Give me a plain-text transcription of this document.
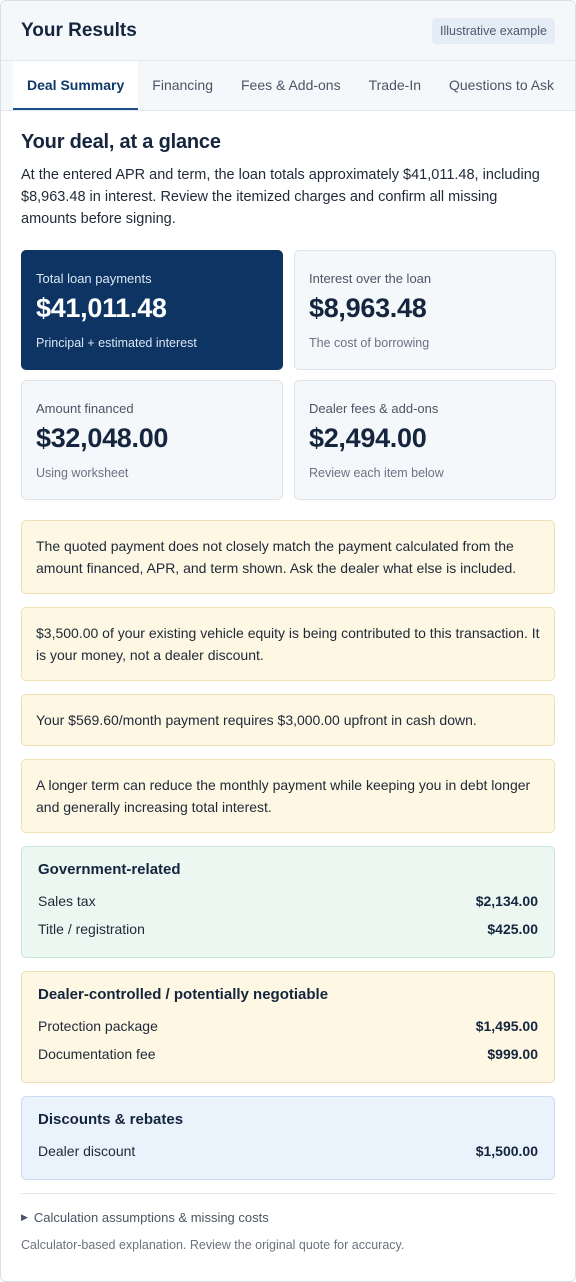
Your Results	Illustrative example
Deal Summary	Financing	Fees & Add-ons	Trade-In	Questions to Ask
Your deal, at a glance

At the entered APR and term, the loan totals approximately $41,011.48, including $8,963.48 in interest. Review the itemized charges and confirm all missing amounts before signing.

Total loan payments
$41,011.48
Principal + estimated interest
Interest over the loan
$8,963.48
The cost of borrowing
Amount financed
$32,048.00
Using worksheet
Dealer fees & add-ons
$2,494.00
Review each item below
The quoted payment does not closely match the payment calculated from the amount financed, APR, and term shown. Ask the dealer what else is included.
$3,500.00 of your existing vehicle equity is being contributed to this transaction. It is your money, not a dealer discount.
Your $569.60/month payment requires $3,000.00 upfront in cash down.
A longer term can reduce the monthly payment while keeping you in debt longer and generally increasing total interest.
Government-related
Sales tax	$2,134.00
Title / registration	$425.00
Dealer-controlled / potentially negotiable
Protection package	$1,495.00
Documentation fee	$999.00
Discounts & rebates
Dealer discount	$1,500.00
▶ Calculation assumptions & missing costs

Calculator-based explanation. Review the original quote for accuracy.
